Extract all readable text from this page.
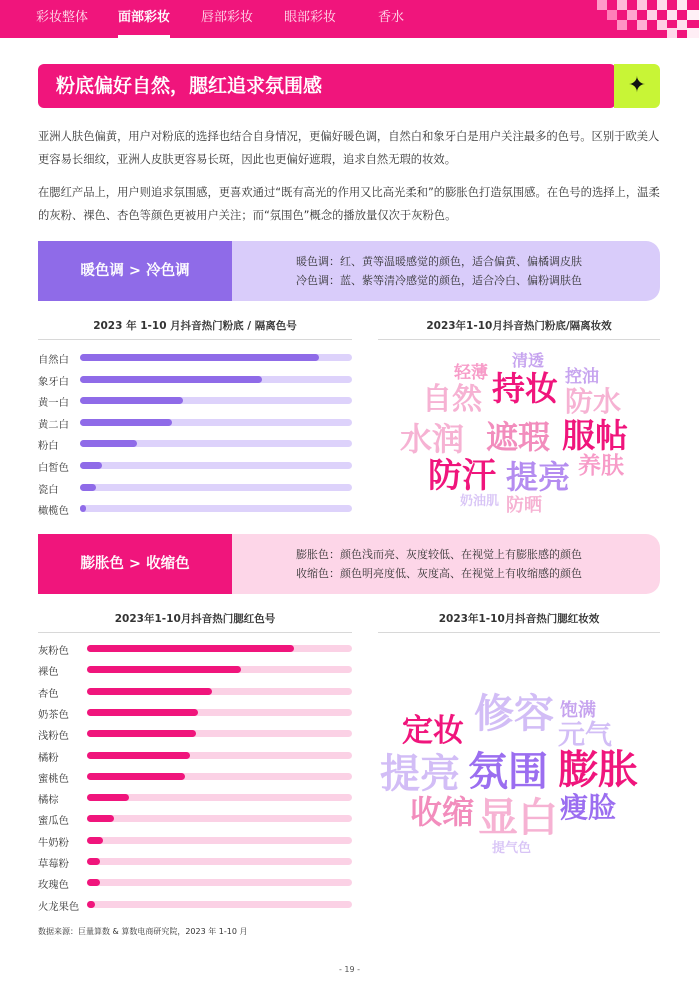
彩妆整体 面部彩妆 唇部彩妆 眼部彩妆	香水
粉底偏好自然，腮红追求氛围感	✦
亚洲人肤色偏黄，用户对粉底的选择也结合自身情况，更偏好暖色调，自然白和象牙白是用户关注最多的色号。区别于欧美人更容易长细纹，亚洲人皮肤更容易长斑，因此也更偏好遮瑕，追求自然无瑕的妆效。
在腮红产品上，用户则追求氛围感，更喜欢通过“既有高光的作用又比高光柔和”的膨胀色打造氛围感。在色号的选择上，温柔的灰粉、裸色、杏色等颜色更被用户关注；而“氛围色”概念的播放量仅次于灰粉色。
暖色调 > 冷色调
暖色调：红、黄等温暖感觉的颜色，适合偏黄、偏橘调皮肤
冷色调：蓝、紫等清冷感觉的颜色，适合冷白、偏粉调肤色
2023 年 1-10 月抖音热门粉底 / 隔离色号
自然白
象牙白
黄一白
黄二白
粉白
白皙色
瓷白
橄榄色
2023年1-10月抖音热门粉底/隔离妆效
清透
轻薄 持妆 控油
自然	防水
水润 遮瑕 服帖
防汗 提亮 养肤
奶油肌 防晒
膨胀色 > 收缩色
膨胀色：颜色浅而亮、灰度较低、在视觉上有膨胀感的颜色
收缩色：颜色明亮度低、灰度高、在视觉上有收缩感的颜色
2023年1-10月抖音热门腮红色号
灰粉色
裸色
杏色
奶茶色
浅粉色
橘粉
蜜桃色
橘棕
蜜瓜色
牛奶粉
草莓粉
玫瑰色
火龙果色
2023年1-10月抖音热门腮红妆效
修容 饱满
定妆	元气
提亮 氛围 膨胀
收缩 显白 瘦脸
提气色
数据来源：巨量算数 & 算数电商研究院，2023 年 1-10 月
- 19 -
